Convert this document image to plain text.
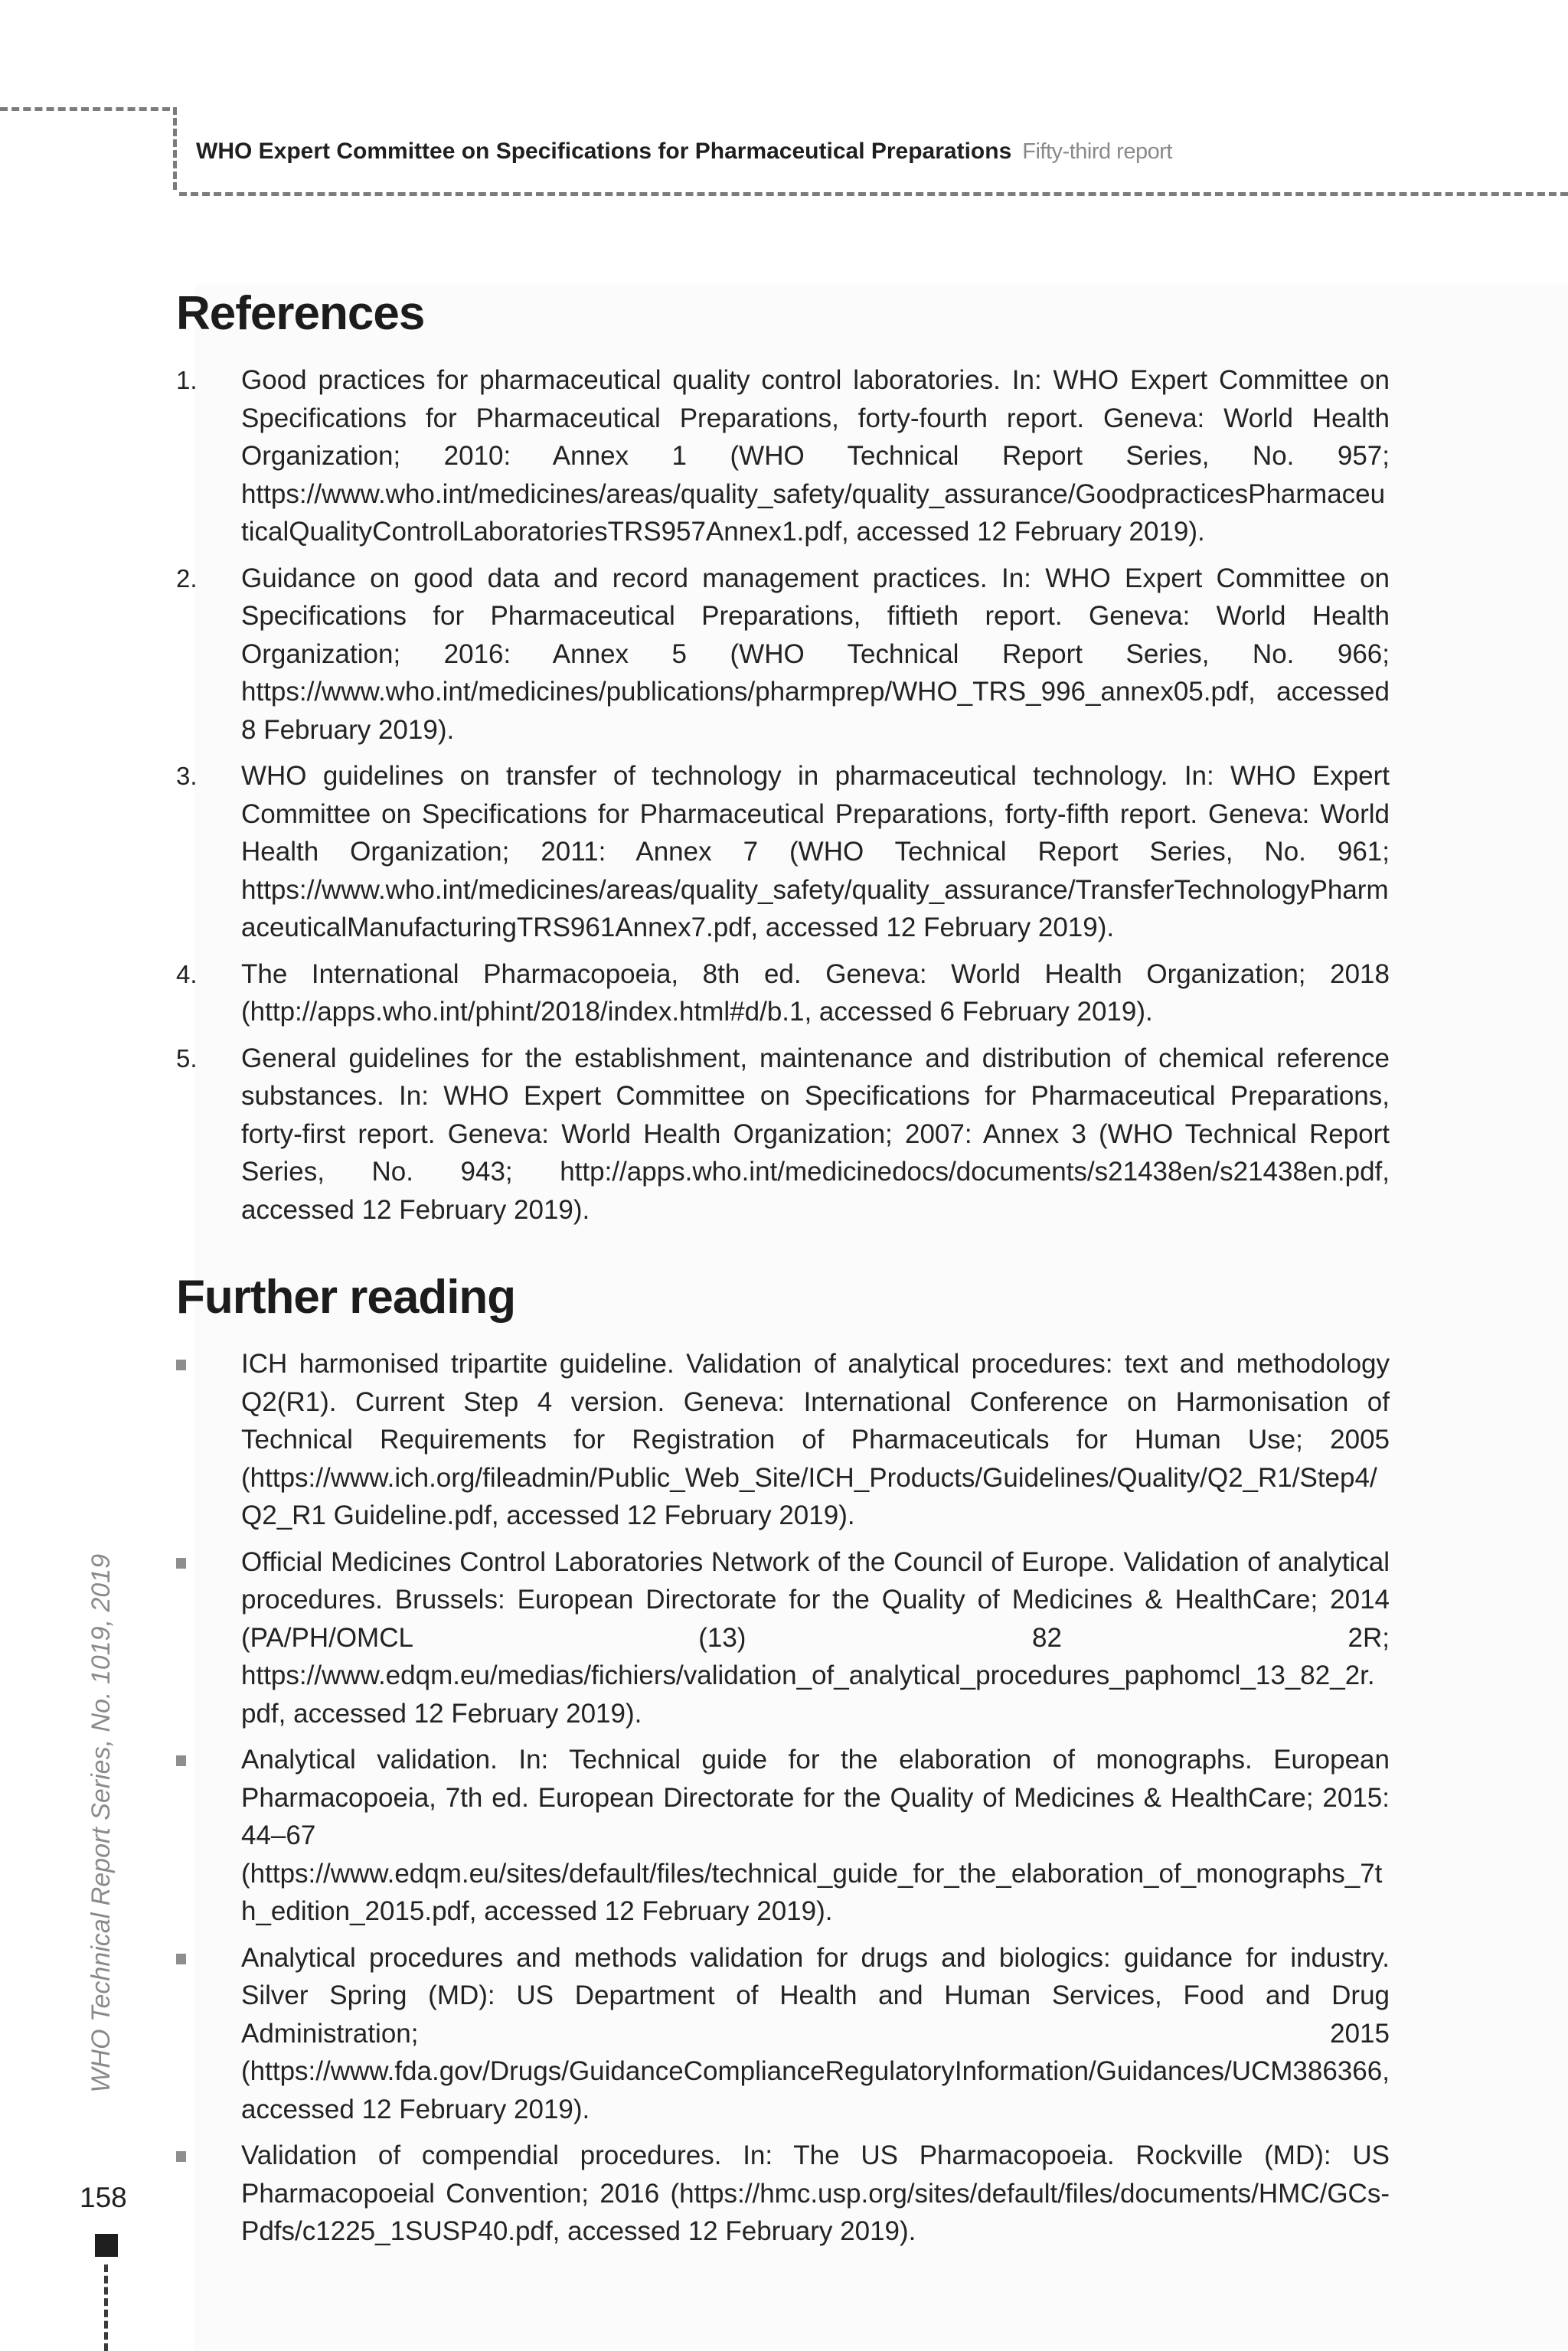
WHO Expert Committee on Specifications for Pharmaceutical Preparations Fifty-third report
References
1. Good practices for pharmaceutical quality control laboratories. In: WHO Expert Committee on Specifications for Pharmaceutical Preparations, forty-fourth report. Geneva: World Health Organization; 2010: Annex 1 (WHO Technical Report Series, No. 957; https://www.who.int/medicines/areas/quality_safety/quality_assurance/GoodpracticesPharmaceuticalQualityControlLaboratoriesTRS957Annex1.pdf, accessed 12 February 2019).
2. Guidance on good data and record management practices. In: WHO Expert Committee on Specifications for Pharmaceutical Preparations, fiftieth report. Geneva: World Health Organization; 2016: Annex 5 (WHO Technical Report Series, No. 966; https://www.who.int/medicines/publications/pharmprep/WHO_TRS_996_annex05.pdf, accessed 8 February 2019).
3. WHO guidelines on transfer of technology in pharmaceutical technology. In: WHO Expert Committee on Specifications for Pharmaceutical Preparations, forty-fifth report. Geneva: World Health Organization; 2011: Annex 7 (WHO Technical Report Series, No. 961; https://www.who.int/medicines/areas/quality_safety/quality_assurance/TransferTechnologyPharmaceuticalManufacturingTRS961Annex7.pdf, accessed 12 February 2019).
4. The International Pharmacopoeia, 8th ed. Geneva: World Health Organization; 2018 (http://apps.who.int/phint/2018/index.html#d/b.1, accessed 6 February 2019).
5. General guidelines for the establishment, maintenance and distribution of chemical reference substances. In: WHO Expert Committee on Specifications for Pharmaceutical Preparations, forty-first report. Geneva: World Health Organization; 2007: Annex 3 (WHO Technical Report Series, No. 943; http://apps.who.int/medicinedocs/documents/s21438en/s21438en.pdf, accessed 12 February 2019).
Further reading
ICH harmonised tripartite guideline. Validation of analytical procedures: text and methodology Q2(R1). Current Step 4 version. Geneva: International Conference on Harmonisation of Technical Requirements for Registration of Pharmaceuticals for Human Use; 2005 (https://www.ich.org/fileadmin/Public_Web_Site/ICH_Products/Guidelines/Quality/Q2_R1/Step4/Q2_R1 Guideline.pdf, accessed 12 February 2019).
Official Medicines Control Laboratories Network of the Council of Europe. Validation of analytical procedures. Brussels: European Directorate for the Quality of Medicines & HealthCare; 2014 (PA/PH/OMCL (13) 82 2R; https://www.edqm.eu/medias/fichiers/validation_of_analytical_procedures_paphomcl_13_82_2r.pdf, accessed 12 February 2019).
Analytical validation. In: Technical guide for the elaboration of monographs. European Pharmacopoeia, 7th ed. European Directorate for the Quality of Medicines & HealthCare; 2015: 44–67 (https://www.edqm.eu/sites/default/files/technical_guide_for_the_elaboration_of_monographs_7th_edition_2015.pdf, accessed 12 February 2019).
Analytical procedures and methods validation for drugs and biologics: guidance for industry. Silver Spring (MD): US Department of Health and Human Services, Food and Drug Administration; 2015 (https://www.fda.gov/Drugs/GuidanceComplianceRegulatoryInformation/Guidances/UCM386366, accessed 12 February 2019).
Validation of compendial procedures. In: The US Pharmacopoeia. Rockville (MD): US Pharmacopoeial Convention; 2016 (https://hmc.usp.org/sites/default/files/documents/HMC/GCs-Pdfs/c1225_1SUSP40.pdf, accessed 12 February 2019).
WHO Technical Report Series, No. 1019, 2019
158
